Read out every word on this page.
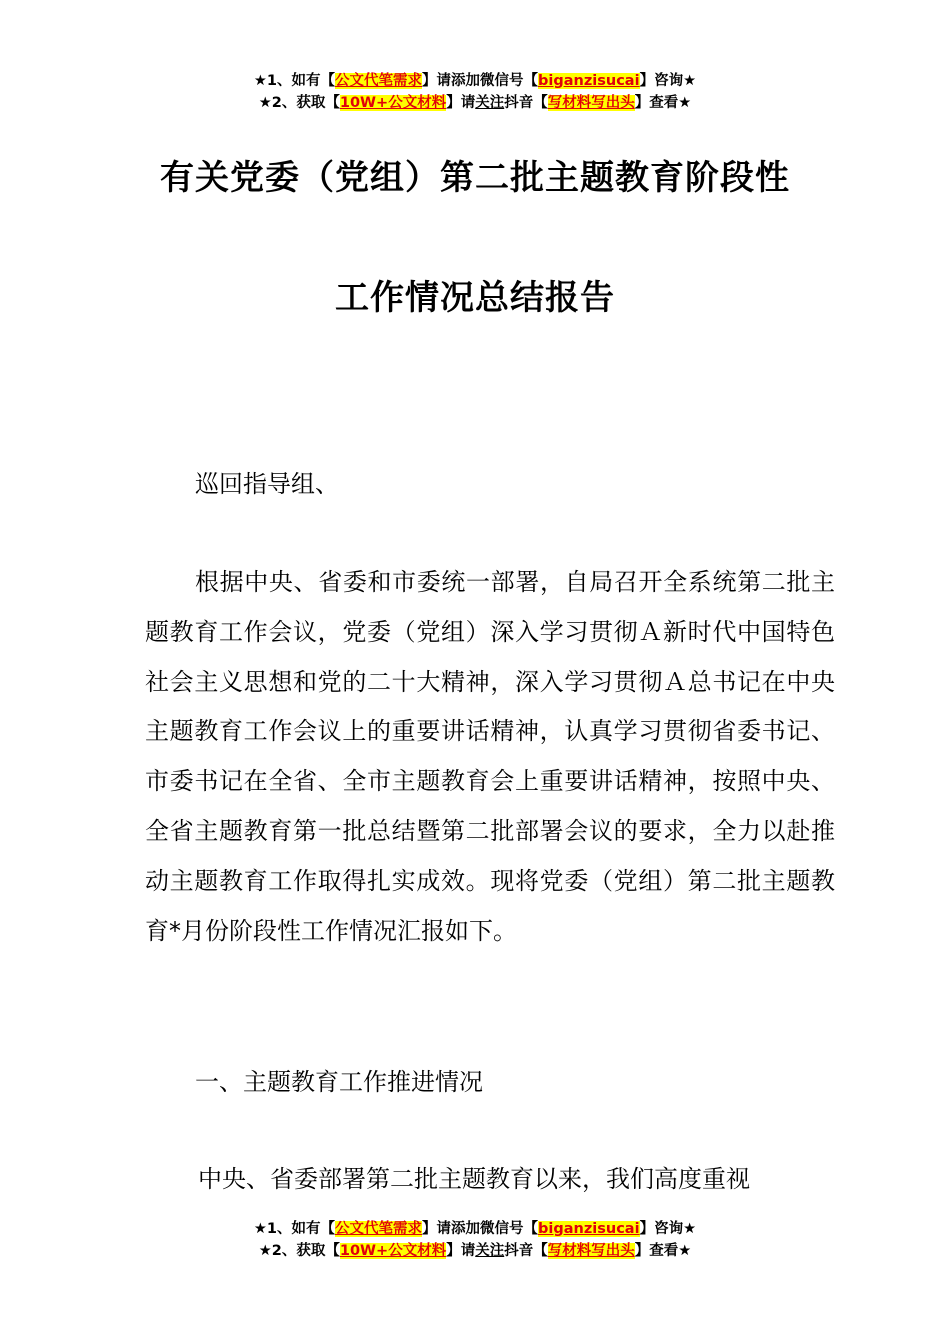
★1、如有【公文代笔需求】请添加微信号【biganzisucai】咨询★
★2、获取【10W+公文材料】请关注抖音【写材料写出头】查看★
有关党委（党组）第二批主题教育阶段性
工作情况总结报告
巡回指导组、
根据中央、省委和市委统一部署，自局召开全系统第二批主题教育工作会议，党委（党组）深入学习贯彻Ａ新时代中国特色社会主义思想和党的二十大精神，深入学习贯彻Ａ总书记在中央主题教育工作会议上的重要讲话精神，认真学习贯彻省委书记、市委书记在全省、全市主题教育会上重要讲话精神，按照中央、全省主题教育第一批总结暨第二批部署会议的要求，全力以赴推动主题教育工作取得扎实成效。现将党委（党组）第二批主题教育*月份阶段性工作情况汇报如下。
一、主题教育工作推进情况
中央、省委部署第二批主题教育以来，我们高度重视
★1、如有【公文代笔需求】请添加微信号【biganzisucai】咨询★
★2、获取【10W+公文材料】请关注抖音【写材料写出头】查看★
